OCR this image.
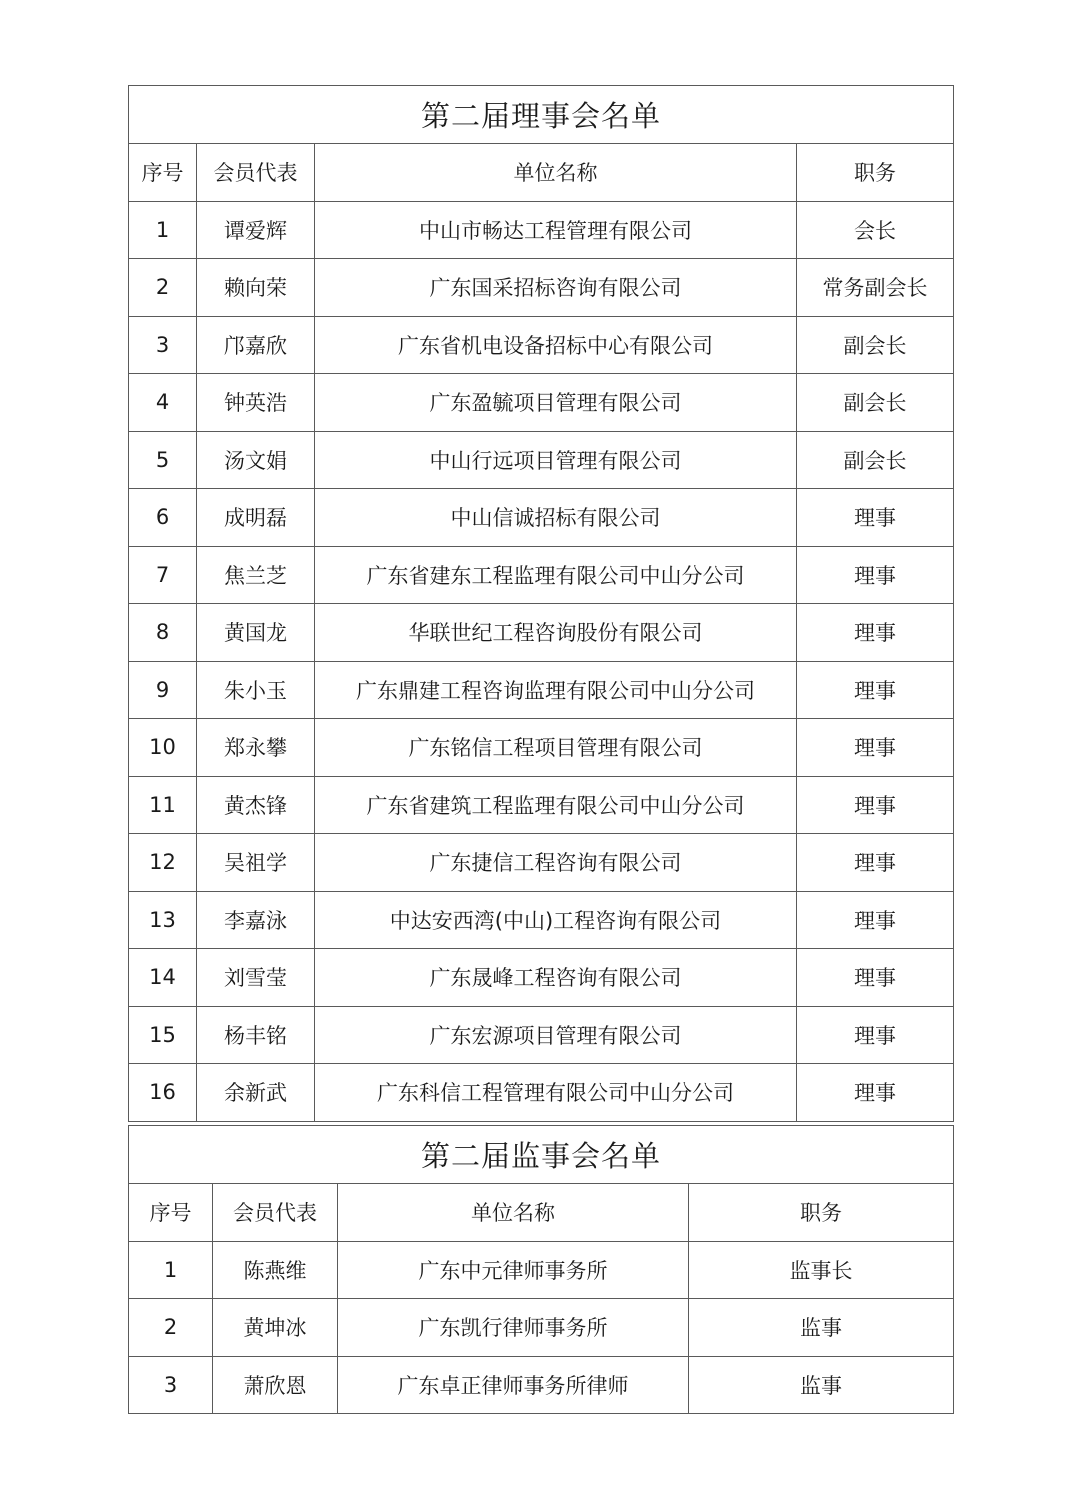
第二届理事会名单			
序号	会员代表	单位名称	职务
1	谭爱辉	中山市畅达工程管理有限公司	会长
2	赖向荣	广东国采招标咨询有限公司	常务副会长
3	邝嘉欣	广东省机电设备招标中心有限公司	副会长
4	钟英浩	广东盈毓项目管理有限公司	副会长
5	汤文娟	中山行远项目管理有限公司	副会长
6	成明磊	中山信诚招标有限公司	理事
7	焦兰芝	广东省建东工程监理有限公司中山分公司	理事
8	黄国龙	华联世纪工程咨询股份有限公司	理事
9	朱小玉	广东鼎建工程咨询监理有限公司中山分公司	理事
10	郑永攀	广东铭信工程项目管理有限公司	理事
11	黄杰锋	广东省建筑工程监理有限公司中山分公司	理事
12	吴祖学	广东捷信工程咨询有限公司	理事
13	李嘉泳	中达安西湾(中山)工程咨询有限公司	理事
14	刘雪莹	广东晟峰工程咨询有限公司	理事
15	杨丰铭	广东宏源项目管理有限公司	理事
16	余新武	广东科信工程管理有限公司中山分公司	理事
第二届监事会名单			
序号	会员代表	单位名称	职务
1	陈燕维	广东中元律师事务所	监事长
2	黄坤冰	广东凯行律师事务所	监事
3	萧欣恩	广东卓正律师事务所律师	监事
